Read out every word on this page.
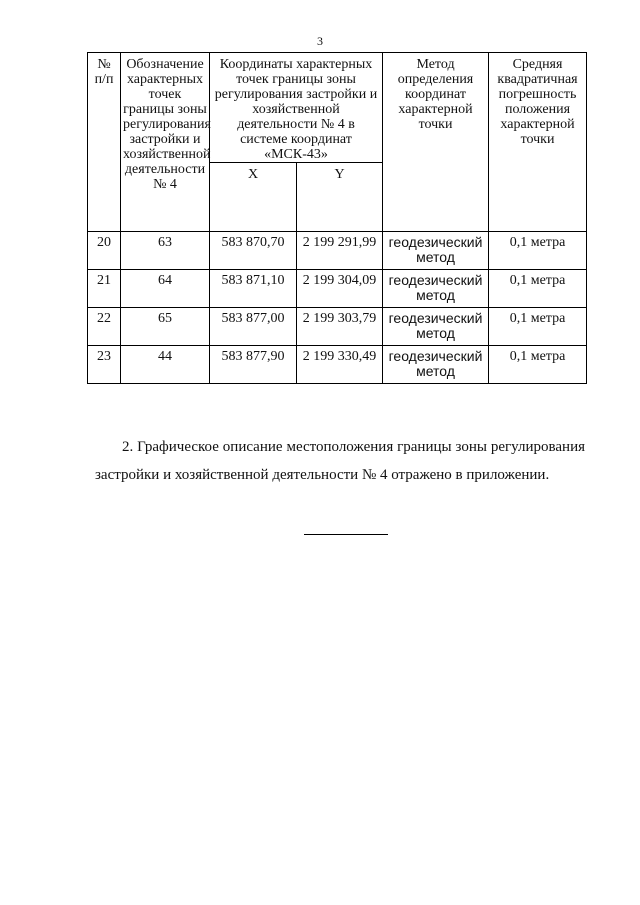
3
№ п/п	Обозначение характерных точек границы зоны регулирования застройки и хозяйственной деятельности № 4	Координаты характерных точек границы зоны регулирования застройки и хозяйственной деятельности № 4 в системе координат «МСК-43»		Метод определения координат характерной точки	Средняя квадратичная погрешность положения характерной точки
		X	Y		
20	63	583 870,70	2 199 291,99	геодезический метод	0,1 метра
21	64	583 871,10	2 199 304,09	геодезический метод	0,1 метра
22	65	583 877,00	2 199 303,79	геодезический метод	0,1 метра
23	44	583 877,90	2 199 330,49	геодезический метод	0,1 метра

2. Графическое описание местоположения границы зоны регулирования застройки и хозяйственной деятельности № 4 отражено в приложении.
